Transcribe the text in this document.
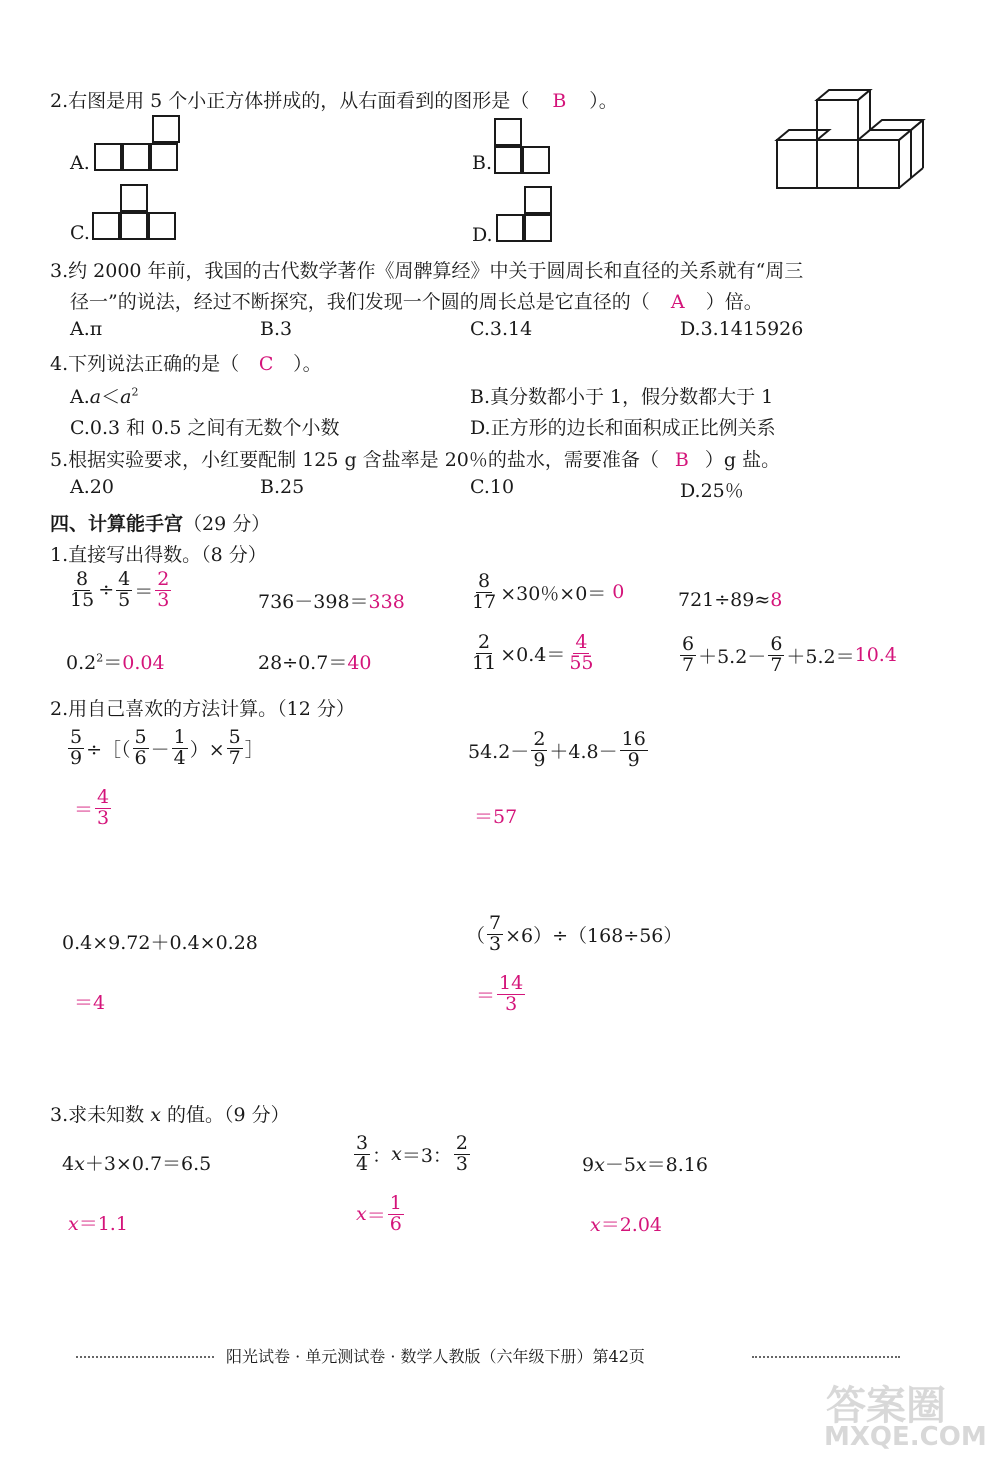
2.右图是用 5 个小正方体拼成的，从右面看到的图形是（ B ）。
A.	B.
C.	D.
3.约 2000 年前，我国的古代数学著作《周髀算经》中关于圆周长和直径的关系就有“周三
径一”的说法，经过不断探究，我们发现一个圆的周长总是它直径的（ A ）倍。
A.π	B.3	C.3.14	D.3.1415926
4.下列说法正确的是（ C ）。
$A.a<a^2$	B.真分数都小于 1，假分数都大于 1
C.0.3 和 0.5 之间有无数个小数	D.正方形的边长和面积成正比例关系
5.根据实验要求，小红要配制 125 g 含盐率是 20％的盐水，需要准备（ B ）g 盐。
A.20	B.25	C.10	D.25％
四、计算能手宫（29 分）
1.直接写出得数。（8 分）
$\frac{8}{15} \div \frac{4}{5} = \frac{2}{3}$	736－398＝338	$\frac{8}{17} \times 30$％×0＝ 0	721÷89≈8
$0.2^2=0.04$	28÷0.7＝40	$\frac{2}{11} \times 0.4= \frac{4}{55}$	$\frac{6}{7} +5.2- \frac{6}{7} +5.2= 10.4$
2.用自己喜欢的方法计算。（12 分）
$\frac{5}{9}$ ÷［（ $\frac{5}{6} - \frac{1}{4}$ ）× $\frac{5}{7}$ ］
＝ $\frac{4}{3}$
$54.2- \frac{2}{9} +4.8- \frac{16}{9}$
＝57
0.4×9.72＋0.4×0.28
＝4
（ $\frac{7}{3} \times 6)\div(168\div 56)$
＝ $\frac{14}{3}$
3.求未知数 x 的值。（9 分）
4x＋3×0.7＝6.5
x＝1.1
$\frac{3}{4}$ ： x ＝3： $\frac{2}{3}$
$x = \frac{1}{6}$
9x－5x＝8.16
x＝2.04
阳光试卷 · 单元测试卷 · 数学人教版（六年级下册）第42页
答案圈
MXQE.COM
